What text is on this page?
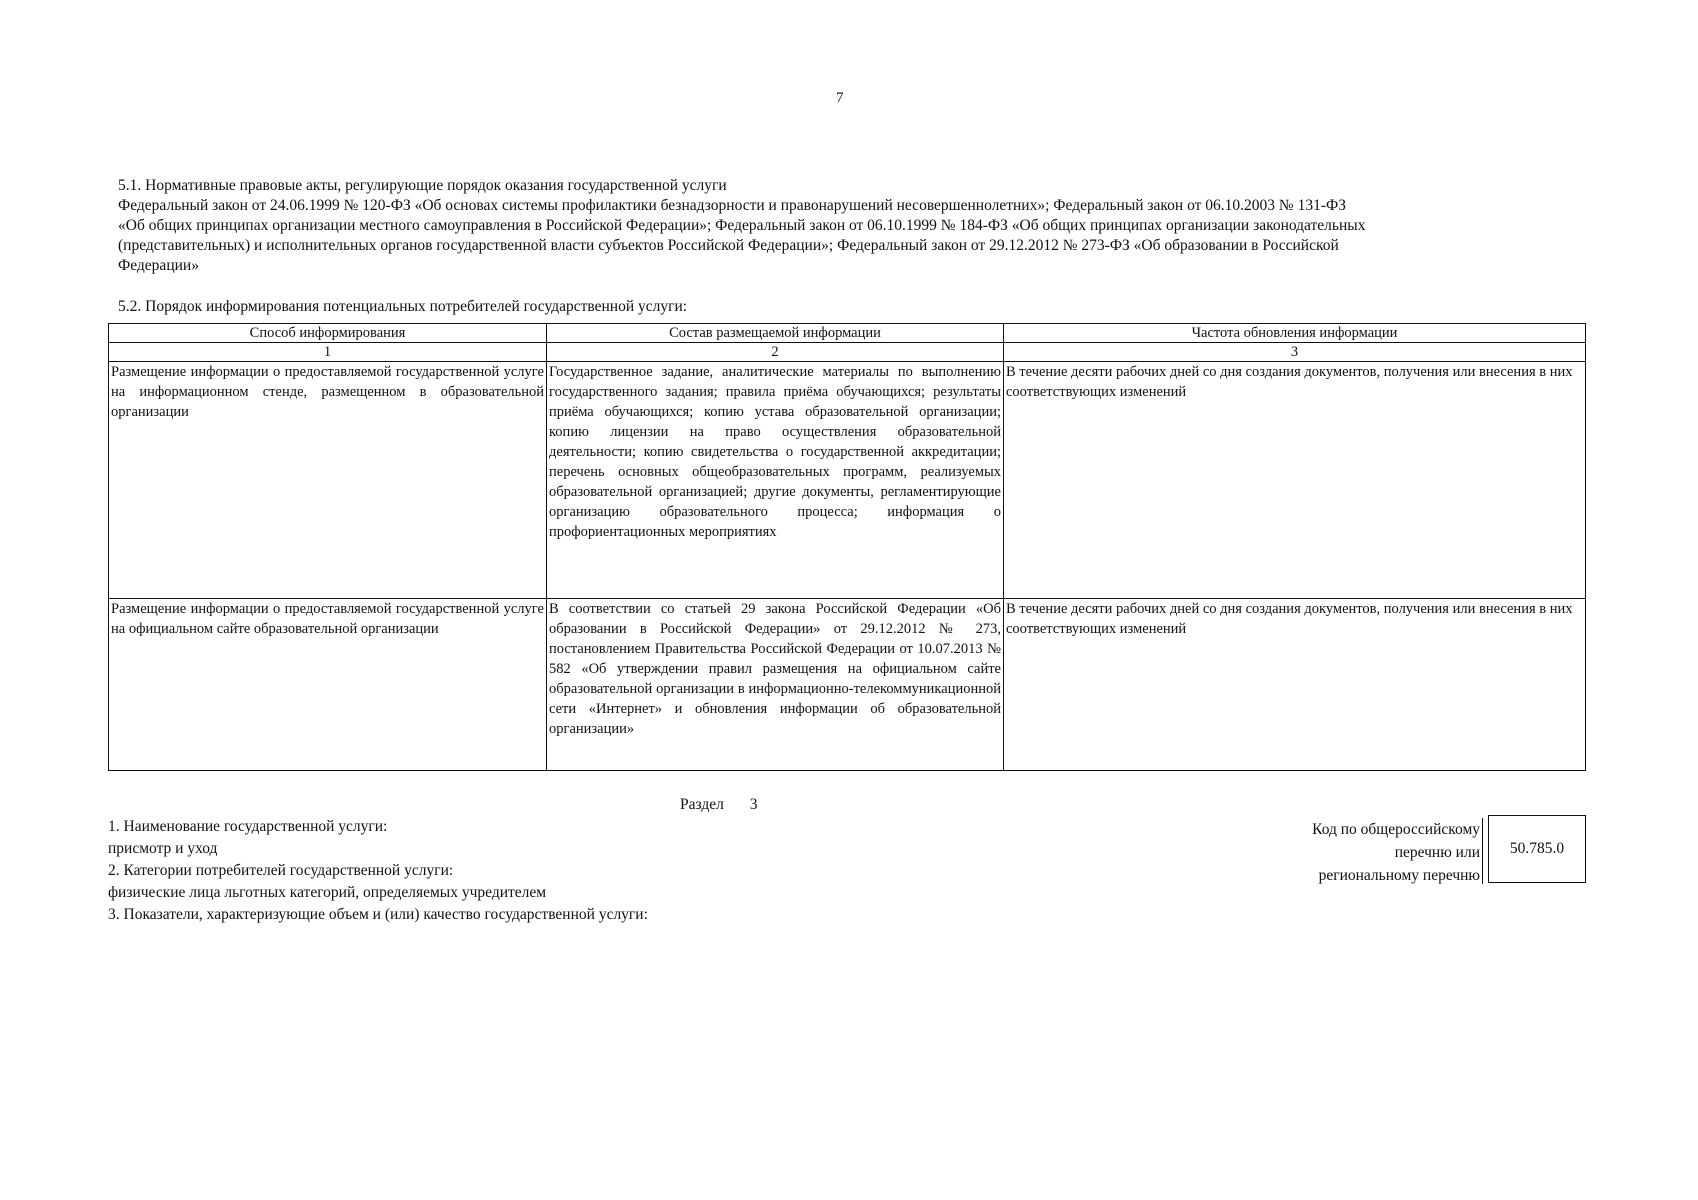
7
5.1. Нормативные правовые акты, регулирующие порядок оказания государственной услуги
Федеральный закон от 24.06.1999 № 120-ФЗ «Об основах системы профилактики безнадзорности и правонарушений несовершеннолетних»; Федеральный закон от 06.10.2003 № 131-ФЗ
«Об общих принципах организации местного самоуправления в Российской Федерации»; Федеральный закон от 06.10.1999 № 184-ФЗ «Об общих принципах организации законодательных
(представительных) и исполнительных органов государственной власти субъектов Российской Федерации»; Федеральный закон от 29.12.2012 № 273-ФЗ «Об образовании в Российской
Федерации»
5.2. Порядок информирования потенциальных потребителей государственной услуги:
Способ информирования	Состав размещаемой информации	Частота обновления информации
1	2	3
Размещение информации о предоставляемой государственной услуге на информационном стенде, размещенном в образовательной организации	Государственное задание, аналитические материалы по выполнению государственного задания; правила приёма обучающихся; результаты приёма обучающихся; копию устава образовательной организации; копию лицензии на право осуществления образовательной деятельности; копию свидетельства о государственной аккредитации; перечень основных общеобразовательных программ, реализуемых образовательной организацией; другие документы, регламентирующие организацию образовательного процесса; информация о профориентационных мероприятиях	В течение десяти рабочих дней со дня создания документов, получения или внесения в них соответствующих изменений
Размещение информации о предоставляемой государственной услуге на официальном сайте образовательной организации	В соответствии со статьей 29 закона Российской Федерации «Об образовании в Российской Федерации» от 29.12.2012 № 273, постановлением Правительства Российской Федерации от 10.07.2013 № 582 «Об утверждении правил размещения на официальном сайте образовательной организации в информационно-телекоммуникационной сети «Интернет» и обновления информации об образовательной организации»	В течение десяти рабочих дней со дня создания документов, получения или внесения в них соответствующих изменений
Раздел 3
1. Наименование государственной услуги:
присмотр и уход
2. Категории потребителей государственной услуги:
физические лица льготных категорий, определяемых учредителем
3. Показатели, характеризующие объем и (или) качество государственной услуги:
Код по общероссийскому
перечню или
региональному перечню
50.785.0
